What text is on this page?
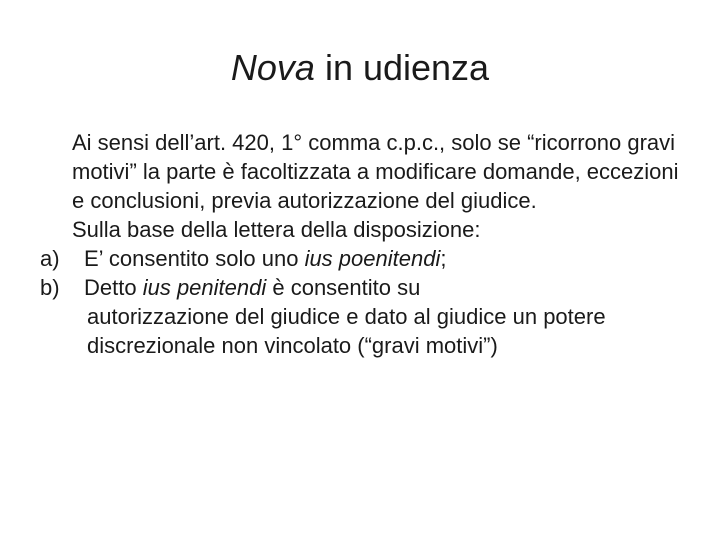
Nova in udienza
Ai sensi dell’art. 420, 1° comma c.p.c., solo se “ricorrono gravi motivi” la parte è facoltizzata a modificare domande, eccezioni e conclusioni, previa autorizzazione del giudice.
Sulla base della lettera della disposizione:
a)	E’ consentito solo uno ius poenitendi;
b)	Detto ius penitendi è consentito su
autorizzazione del giudice e dato al giudice un potere discrezionale non vincolato (“gravi motivi”)
